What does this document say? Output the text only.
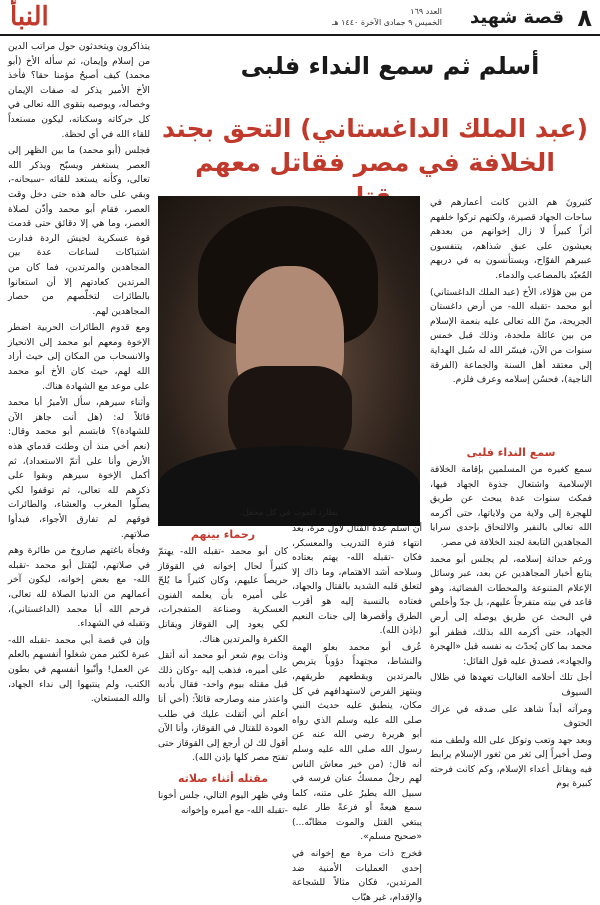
٨
قصة شهيد
العدد ١٦٩
الخميس ٩ جمادى الآخرة ١٤٤٠ هـ
النبأ
أسلم ثم سمع النداء فلبى
(عبد الملك الداغستاني) التحق بجند
الخلافة في مصر فقاتل معهم
يطارد الموت في كل محفل.

كثيرونَ هم الذين كانت أعمارهم في ساحات الجهاد قصيرة، ولكنهم تركوا خلفهم أثراً كبيراً لا زال إخوانهم من بعدهم يعيشون على عبق شذاهم، يتنفسون عبيرهم الفوّاح، ويستأنسون به في دربهم المُعبّد بالمصاعب والدماء.

من بين هؤلاء، الأخ (عبد الملك الداغستاني) أبو محمد -تقبله الله- من أرض داغستان الجريحة، منّ الله تعالى عليه بنعمة الإسلام من بين عائلة ملحدة، وذلك قبل خمس سنوات من الآن، فيسّر الله له سُبل الهداية إلى معتقد أهل السنة والجماعة (الفرقة الناجية)، فحسُن إسلامه وعرف فلزم.

سمع النداء فلبى

سمع كغيره من المسلمين بإقامة الخلافة الإسلامية واشتعال جذوة الجهاد فيها، فمكث سنوات عدة يبحث عن طريق للهجرة إلى ولاية من ولاياتها، حتى أكرمه الله تعالى بالنفير والالتحاق بإحدى سرايا المجاهدين التابعة لجند الخلافة في مصر.

ورغم حداثة إسلامه، لم يجلس أبو محمد يتابع أخبار المجاهدين عن بعد، عبر وسائل الإعلام المتنوعة والمحطات الفضائية، وهو قاعد في بيته متفرجاً عليهم، بل جدّ وأخلص في البحث عن طريق يوصله إلى أرض الجهاد، حتى أكرمه الله بذلك، فظفر أبو محمد بما كان يُحدّث به نفسه قبل «الهجرة والجهاد»، فصدق عليه قول القائل:

أجل تلك أحلامه الغاليات تعهدها في ظلال السيوف

ومرآته أبداً شاهد على صدقه في عراك الحتوف

وبعد جهد وتعب وتوكل على الله ولطف منه وصل أخيراً إلى ثغر من ثغور الإسلام يرابط فيه ويقاتل أعداء الإسلام، وكم كانت فرحته كبيرة يوم

أن أسلم عدة القتال لأول مرة، بعد انتهاء فترة التدريب والمعسكر، فكان -تقبله الله- يهتم بعتاده وسلاحه أشد الاهتمام، وما ذاك إلا لتعلق قلبه الشديد بالقتال والجهاد، فعتاده بالنسبة إليه هو أقرب الطرق وأقصرها إلى جنات النعيم (بإذن الله).

عُرف أبو محمد بعلو الهمة والنشاط، مجتهداً دؤوباً يتربص بالمرتدين ويقطعهم طريقهم، وينتهز الفرص لاستهدافهم في كل مكان، ينطبق عليه حديث النبي صلى الله عليه وسلم الذي رواه أبو هريرة رضي الله عنه عن رسول الله صلى الله عليه وسلم أنه قال: (من خير معاش الناس لهم رجلٌ ممسكٌ عنان فرسه في سبيل الله يطيرُ على متنه، كلما سمع هيعةً أو فزعةً طار عليه يبتغي القتل والموت مظانّه...) «صحيح مسلم».

فخرج ذات مرة مع إخوانه في إحدى العمليات الأمنية ضد المرتدين، فكان مثالاً للشجاعة والإقدام، غير هيّاب

رحماء بينهم

كان أبو محمد -تقبله الله- يهتمّ كثيراً لحال إخوانه في القوقاز حريصاً عليهم، وكان كثيراً ما يُلحّ على أميره بأن يعلمه الفنون العسكرية وصناعة المتفجرات، لكي يعود إلى القوقاز ويقاتل الكفرة والمرتدين هناك.

وذات يوم شعر أبو محمد أنه أثقل على أميره، فذهب إليه -وكان ذلك قبل مقتله بيوم واحد- فقال بأدبه واعتذر منه وصارحه قائلاً: (أخي أنا أعلم أني أثقلت عليك في طلب العودة للقتال في القوقاز، وأنا الآن أقول لك لن أرجع إلى القوقاز حتى تفتح مصر كلها بإذن الله).

مقتله أثناء صلاته

وفي ظهر اليوم التالي، جلس أخونا -تقبله الله- مع أميره وإخوانه

يتذاكرون ويتحدثون حول مراتب الدين من إسلام وإيمان، ثم سأله الأخ (أبو محمد) كيف أصبحُ مؤمنا حقا؟ فأخذ الأخ الأمير يذكر له صفات الإيمان وخصاله، ويوصيه بتقوى الله تعالى في كل حركاته وسكناته، ليكون مستعداً للقاء الله في أي لحظة.

فجلس (أبو محمد) ما بين الظهر إلى العصر يستغفر ويسبّح ويذكر الله تعالى، وكأنه يستعد للقائه -سبحانه-، وبقي على حاله هذه حتى دخل وقت العصر، فقام أبو محمد وأذّن لصلاة العصر، وما هي إلا دقائق حتى قدمت قوة عسكرية لجيش الردة فدارت اشتباكات لساعات عدة بين المجاهدين والمرتدين، فما كان من المرتدين كعادتهم إلا أن استعانوا بالطائرات لتخلّصهم من حصار المجاهدين لهم.

ومع قدوم الطائرات الحربية اضطر الإخوة ومعهم أبو محمد إلى الانحياز والانسحاب من المكان إلى حيث أراد الله لهم، حيث كان الأخ أبو محمد على موعد مع الشهادة هناك.

وأثناء سيرهم، سأل الأميرُ أبا محمد قائلاً له: (هل أنت جاهز الآن للشهادة)؟ فابتسم أبو محمد وقال: (نعم أخي منذ أن وطئت قدماي هذه الأرض وأنا على أتمّ الاستعداد)، ثم أكمل الإخوة سيرهم وبقوا على ذكرهم لله تعالى، ثم توقفوا لكي يصلّوا المغرب والعشاء، والطائرات فوقهم لم تفارق الأجواء، فبدأوا صلاتهم.

وفجأة باغتهم صاروخ من طائرة وهم في صلاتهم، ليُقتل أبو محمد -تقبله الله- مع بعض إخوانه، ليكون آخر أعمالهم من الدنيا الصلاة لله تعالى، فرحم الله أبا محمد (الداغستاني)، وتقبله في الشهداء.

وإن في قصة أبي محمد -تقبله الله- عبرة لكثير ممن شغلوا أنفسهم بالعلم عن العمل! وأنّبوا أنفسهم في بطون الكتب، ولم ينتبهوا إلى نداء الجهاد، والله المستعان.
